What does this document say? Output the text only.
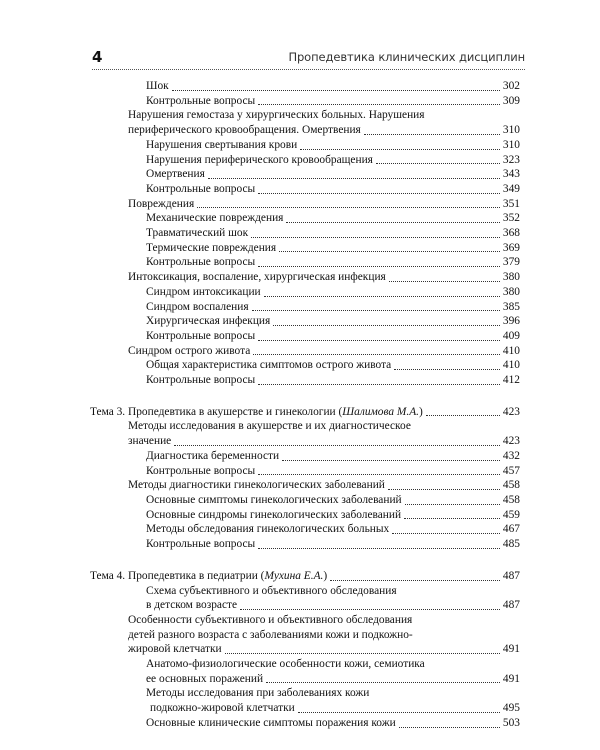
4	Пропедевтика клинических дисциплин
Шок	302
Контрольные вопросы	309
Нарушения гемостаза у хирургических больных. Нарушения
периферического кровообращения. Омертвения	310
Нарушения свертывания крови	310
Нарушения периферического кровообращения	323
Омертвения	343
Контрольные вопросы	349
Повреждения	351
Механические повреждения	352
Травматический шок	368
Термические повреждения	369
Контрольные вопросы	379
Интоксикация, воспаление, хирургическая инфекция	380
Синдром интоксикации	380
Синдром воспаления	385
Хирургическая инфекция	396
Контрольные вопросы	409
Синдром острого живота	410
Общая характеристика симптомов острого живота	410
Контрольные вопросы	412
Тема 3. Пропедевтика в акушерстве и гинекологии (Шалимова М.А.)	423
Методы исследования в акушерстве и их диагностическое
значение	423
Диагностика беременности	432
Контрольные вопросы	457
Методы диагностики гинекологических заболеваний	458
Основные симптомы гинекологических заболеваний	458
Основные синдромы гинекологических заболеваний	459
Методы обследования гинекологических больных	467
Контрольные вопросы	485
Тема 4. Пропедевтика в педиатрии (Мухина Е.А.)	487
Схема субъективного и объективного обследования
в детском возрасте	487
Особенности субъективного и объективного обследования
детей разного возраста с заболеваниями кожи и подкожно-
жировой клетчатки	491
Анатомо-физиологические особенности кожи, семиотика
ее основных поражений	491
Методы исследования при заболеваниях кожи
подкожно-жировой клетчатки	495
Основные клинические симптомы поражения кожи	503
